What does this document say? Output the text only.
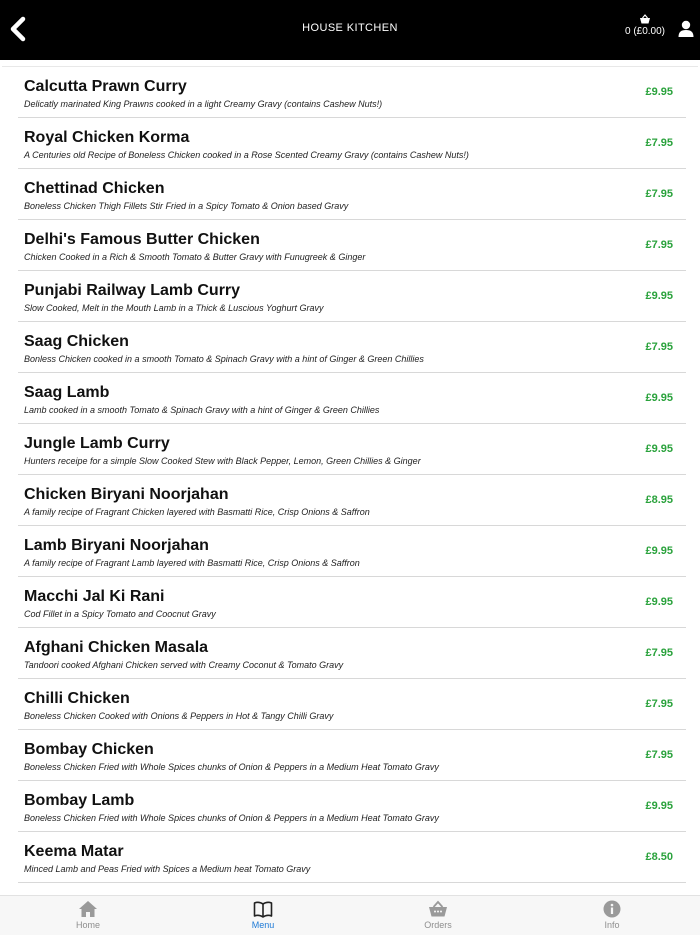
HOUSE KITCHEN	0 (£0.00)
Calcutta Prawn Curry
Delicatly marinated King Prawns cooked in a light Creamy Gravy (contains Cashew Nuts!)
£9.95
Royal Chicken Korma
A Centuries old Recipe of Boneless Chicken cooked in a Rose Scented Creamy Gravy (contains Cashew Nuts!)
£7.95
Chettinad Chicken
Boneless Chicken Thigh Fillets Stir Fried in a Spicy Tomato & Onion based Gravy
£7.95
Delhi's Famous Butter Chicken
Chicken Cooked in a Rich & Smooth Tomato & Butter Gravy with Funugreek & Ginger
£7.95
Punjabi Railway Lamb Curry
Slow Cooked, Melt in the Mouth Lamb in a Thick & Luscious Yoghurt Gravy
£9.95
Saag Chicken
Bonless Chicken cooked in a smooth Tomato & Spinach Gravy with a hint of Ginger & Green Chillies
£7.95
Saag Lamb
Lamb cooked in a smooth Tomato & Spinach Gravy with a hint of Ginger & Green Chillies
£9.95
Jungle Lamb Curry
Hunters receipe for a simple Slow Cooked Stew with Black Pepper, Lemon, Green Chillies & Ginger
£9.95
Chicken Biryani Noorjahan
A family recipe of Fragrant Chicken layered with Basmatti Rice, Crisp Onions & Saffron
£8.95
Lamb Biryani Noorjahan
A family recipe of Fragrant Lamb layered with Basmatti Rice, Crisp Onions & Saffron
£9.95
Macchi Jal Ki Rani
Cod Fillet in a Spicy Tomato and Coocnut Gravy
£9.95
Afghani Chicken Masala
Tandoori cooked Afghani Chicken served with Creamy Coconut & Tomato Gravy
£7.95
Chilli Chicken
Boneless Chicken Cooked with Onions & Peppers in Hot & Tangy Chilli Gravy
£7.95
Bombay Chicken
Boneless Chicken Fried with Whole Spices chunks of Onion & Peppers in a Medium Heat Tomato Gravy
£7.95
Bombay Lamb
Boneless Chicken Fried with Whole Spices chunks of Onion & Peppers in a Medium Heat Tomato Gravy
£9.95
Keema Matar
Minced Lamb and Peas Fried with Spices a Medium heat Tomato Gravy
£8.50
Home	Menu	Orders	Info
